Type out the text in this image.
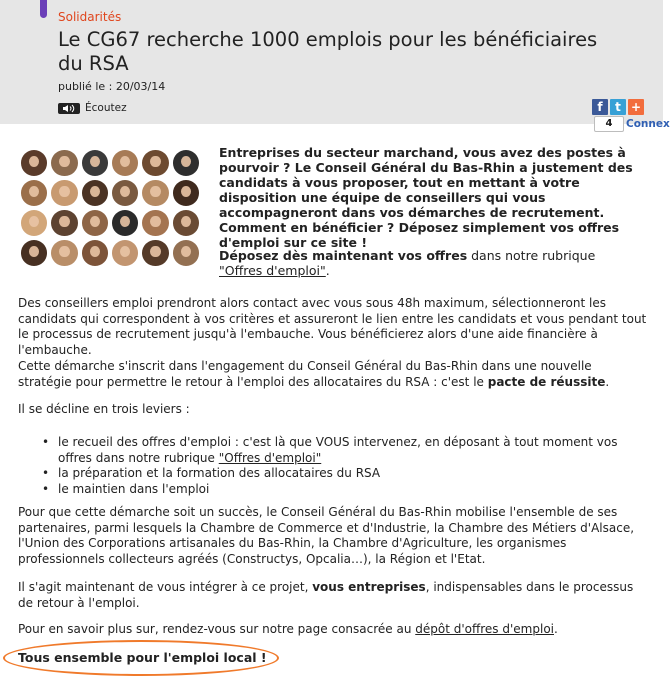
Solidarités
Le CG67 recherche 1000 emplois pour les bénéficiaires du RSA
publié le : 20/03/14
Écoutez	f	t +
4	Connex
Entreprises du secteur marchand, vous avez des postes à pourvoir ? Le Conseil Général du Bas-Rhin a justement des candidats à vous proposer, tout en mettant à votre disposition une équipe de conseillers qui vous accompagneront dans vos démarches de recrutement. Comment en bénéficier ? Déposez simplement vos offres d'emploi sur ce site !
Déposez dès maintenant vos offres dans notre rubrique "Offres d'emploi".

Des conseillers emploi prendront alors contact avec vous sous 48h maximum, sélectionneront les candidats qui correspondent à vos critères et assureront le lien entre les candidats et vous pendant tout le processus de recrutement jusqu'à l'embauche. Vous bénéficierez alors d'une aide financière à l'embauche.

Cette démarche s'inscrit dans l'engagement du Conseil Général du Bas-Rhin dans une nouvelle stratégie pour permettre le retour à l'emploi des allocataires du RSA : c'est le pacte de réussite.

Il se décline en trois leviers :

• le recueil des offres d'emploi : c'est là que VOUS intervenez, en déposant à tout moment vos offres dans notre rubrique "Offres d'emploi"
• la préparation et la formation des allocataires du RSA
• le maintien dans l'emploi

Pour que cette démarche soit un succès, le Conseil Général du Bas-Rhin mobilise l'ensemble de ses partenaires, parmi lesquels la Chambre de Commerce et d'Industrie, la Chambre des Métiers d'Alsace, l'Union des Corporations artisanales du Bas-Rhin, la Chambre d'Agriculture, les organismes professionnels collecteurs agréés (Constructys, Opcalia…), la Région et l'Etat.

Il s'agit maintenant de vous intégrer à ce projet, vous entreprises, indispensables dans le processus de retour à l'emploi.

Pour en savoir plus sur, rendez-vous sur notre page consacrée au dépôt d'offres d'emploi.

Tous ensemble pour l'emploi local !
